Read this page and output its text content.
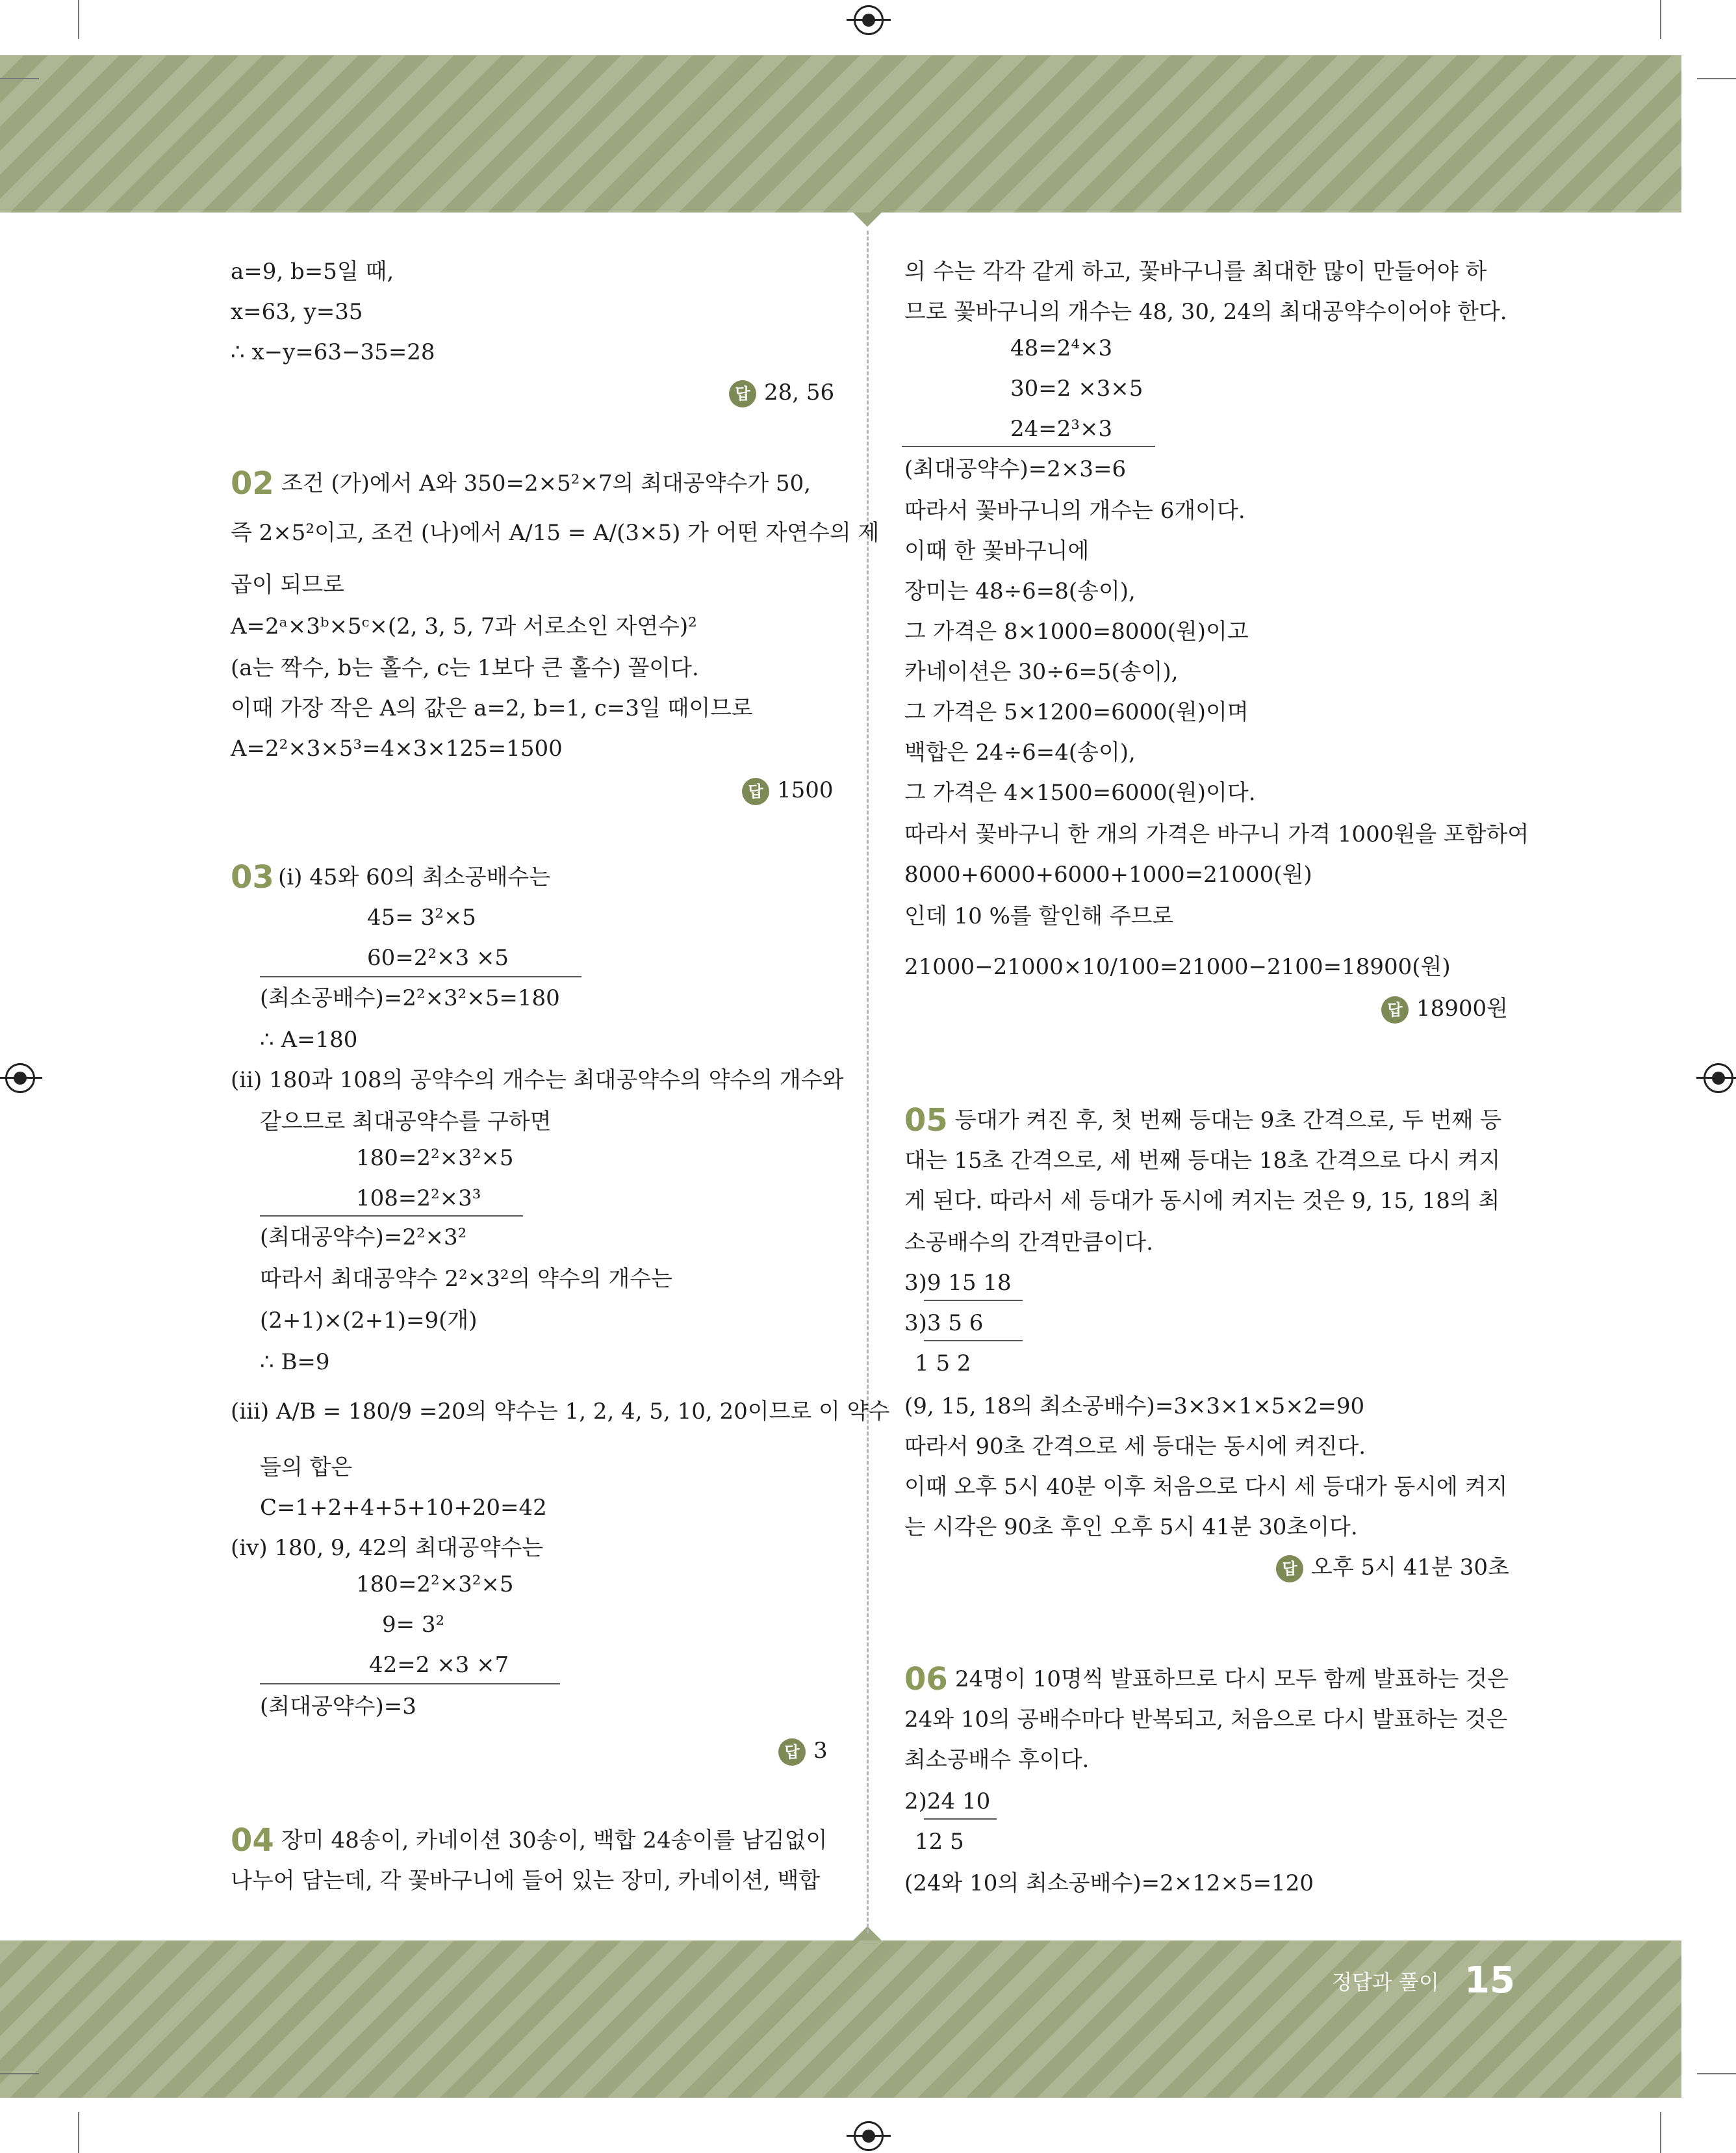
a=9, b=5일 때,
x=63, y=35
∴ x−y=63−35=28
답 28, 56
02 조건 (가)에서 A와 350=2×5²×7의 최대공약수가 50,
즉 2×5²이고, 조건 (나)에서 A/15 = A/(3×5) 가 어떤 자연수의 제
곱이 되므로
A=2ᵃ×3ᵇ×5ᶜ×(2, 3, 5, 7과 서로소인 자연수)²
(a는 짝수, b는 홀수, c는 1보다 큰 홀수) 꼴이다.
이때 가장 작은 A의 값은 a=2, b=1, c=3일 때이므로
A=2²×3×5³=4×3×125=1500
답 1500
03 (ⅰ) 45와 60의 최소공배수는
45= 3²×5
60=2²×3 ×5
(최소공배수)=2²×3²×5=180
∴ A=180
(ⅱ) 180과 108의 공약수의 개수는 최대공약수의 약수의 개수와
같으므로 최대공약수를 구하면
180=2²×3²×5
108=2²×3³
(최대공약수)=2²×3²
따라서 최대공약수 2²×3²의 약수의 개수는
(2+1)×(2+1)=9(개)
∴ B=9
(ⅲ) A/B = 180/9 =20의 약수는 1, 2, 4, 5, 10, 20이므로 이 약수
들의 합은
C=1+2+4+5+10+20=42
(ⅳ) 180, 9, 42의 최대공약수는
180=2²×3²×5
9= 3²
42=2 ×3 ×7
(최대공약수)=3
답 3
04 장미 48송이, 카네이션 30송이, 백합 24송이를 남김없이
나누어 담는데, 각 꽃바구니에 들어 있는 장미, 카네이션, 백합
의 수는 각각 같게 하고, 꽃바구니를 최대한 많이 만들어야 하
므로 꽃바구니의 개수는 48, 30, 24의 최대공약수이어야 한다.
48=2⁴×3
30=2 ×3×5
24=2³×3
(최대공약수)=2×3=6
따라서 꽃바구니의 개수는 6개이다.
이때 한 꽃바구니에
장미는 48÷6=8(송이),
그 가격은 8×1000=8000(원)이고
카네이션은 30÷6=5(송이),
그 가격은 5×1200=6000(원)이며
백합은 24÷6=4(송이),
그 가격은 4×1500=6000(원)이다.
따라서 꽃바구니 한 개의 가격은 바구니 가격 1000원을 포함하여
8000+6000+6000+1000=21000(원)
인데 10 %를 할인해 주므로
21000−21000×10/100=21000−2100=18900(원)
답 18900원
05 등대가 켜진 후, 첫 번째 등대는 9초 간격으로, 두 번째 등
대는 15초 간격으로, 세 번째 등대는 18초 간격으로 다시 켜지
게 된다. 따라서 세 등대가 동시에 켜지는 것은 9, 15, 18의 최
소공배수의 간격만큼이다.
3)9 15 18
3)3 5 6
1 5 2
(9, 15, 18의 최소공배수)=3×3×1×5×2=90
따라서 90초 간격으로 세 등대는 동시에 켜진다.
이때 오후 5시 40분 이후 처음으로 다시 세 등대가 동시에 켜지
는 시각은 90초 후인 오후 5시 41분 30초이다.
답 오후 5시 41분 30초
06 24명이 10명씩 발표하므로 다시 모두 함께 발표하는 것은
24와 10의 공배수마다 반복되고, 처음으로 다시 발표하는 것은
최소공배수 후이다.
2)24 10
12 5
(24와 10의 최소공배수)=2×12×5=120
정답과 풀이 15
